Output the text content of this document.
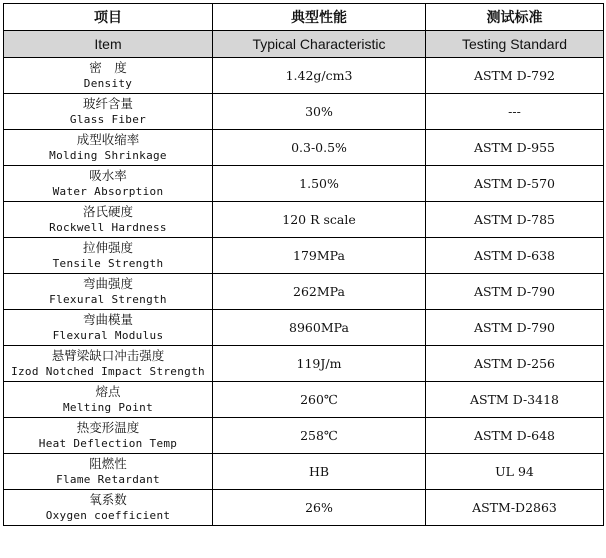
项目	典型性能	测试标准
Item	Typical Characteristic	Testing Standard

密　度
Density	1.42g/cm3	ASTM D-792

玻纤含量
Glass Fiber	30%	---

成型收缩率
Molding Shrinkage	0.3-0.5%	ASTM D-955

吸水率
Water Absorption	1.50%	ASTM D-570

洛氏硬度
Rockwell Hardness	120 R scale	ASTM D-785

拉伸强度
Tensile Strength	179MPa	ASTM D-638

弯曲强度
Flexural Strength	262MPa	ASTM D-790

弯曲模量
Flexural Modulus	8960MPa	ASTM D-790

悬臂梁缺口冲击强度
Izod Notched Impact Strength	119J/m	ASTM D-256

熔点
Melting Point	260℃	ASTM D-3418

热变形温度
Heat Deflection Temp	258℃	ASTM D-648

阻燃性
Flame Retardant	HB	UL 94

氧系数
Oxygen coefficient	26%	ASTM-D2863
